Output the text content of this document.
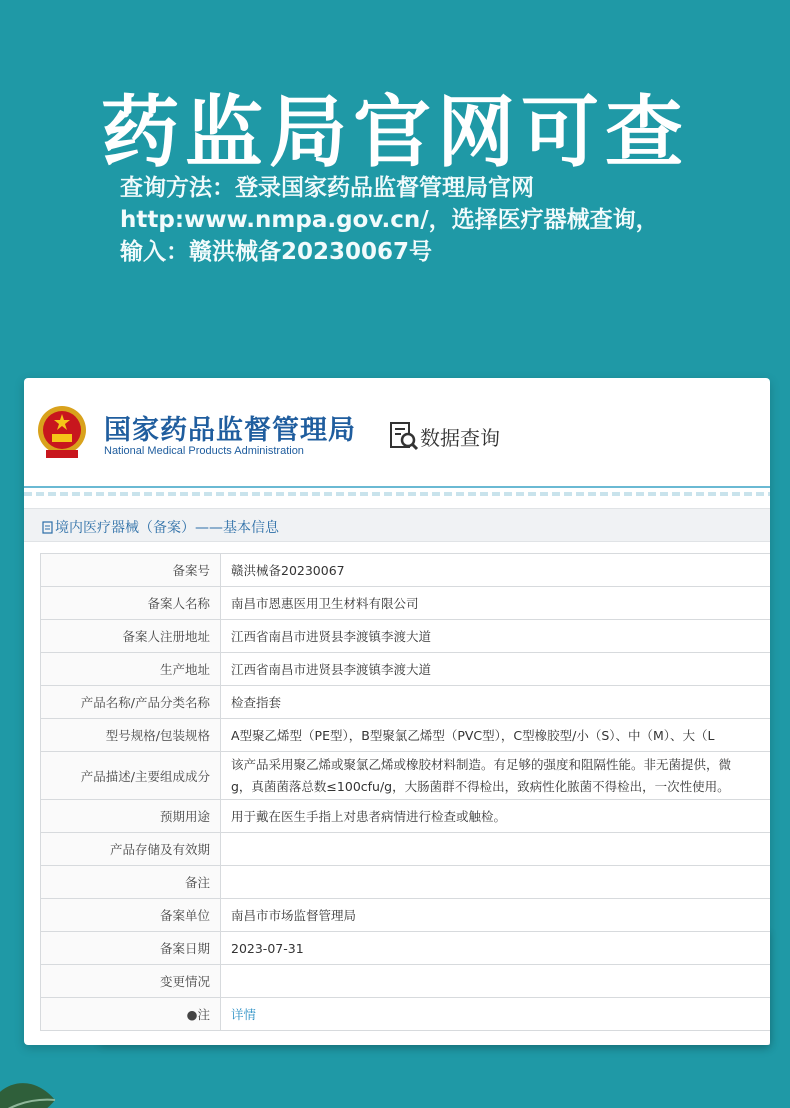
药监局官网可查
查询方法：登录国家药品监督管理局官网
http:www.nmpa.gov.cn/，选择医疗器械查询，
输入：赣洪械备20230067号
国家药品监督管理局
National Medical Products Administration
数据查询
境内医疗器械（备案）——基本信息
备案号	赣洪械备20230067
备案人名称	南昌市恩惠医用卫生材料有限公司
备案人注册地址	江西省南昌市进贤县李渡镇李渡大道
生产地址	江西省南昌市进贤县李渡镇李渡大道
产品名称/产品分类名称	检查指套
型号规格/包装规格	A型聚乙烯型（PE型），B型聚氯乙烯型（PVC型），C型橡胶型/小（S）、中（M）、大（L
产品描述/主要组成成分	该产品采用聚乙烯或聚氯乙烯或橡胶材料制造。有足够的强度和阻隔性能。非无菌提供，微
g，真菌菌落总数≤100cfu/g，大肠菌群不得检出，致病性化脓菌不得检出，一次性使用。

预期用途	用于戴在医生手指上对患者病情进行检查或触检。
产品存储及有效期	
备注	
备案单位	南昌市市场监督管理局
备案日期	2023-07-31
变更情况	
●注	详情
